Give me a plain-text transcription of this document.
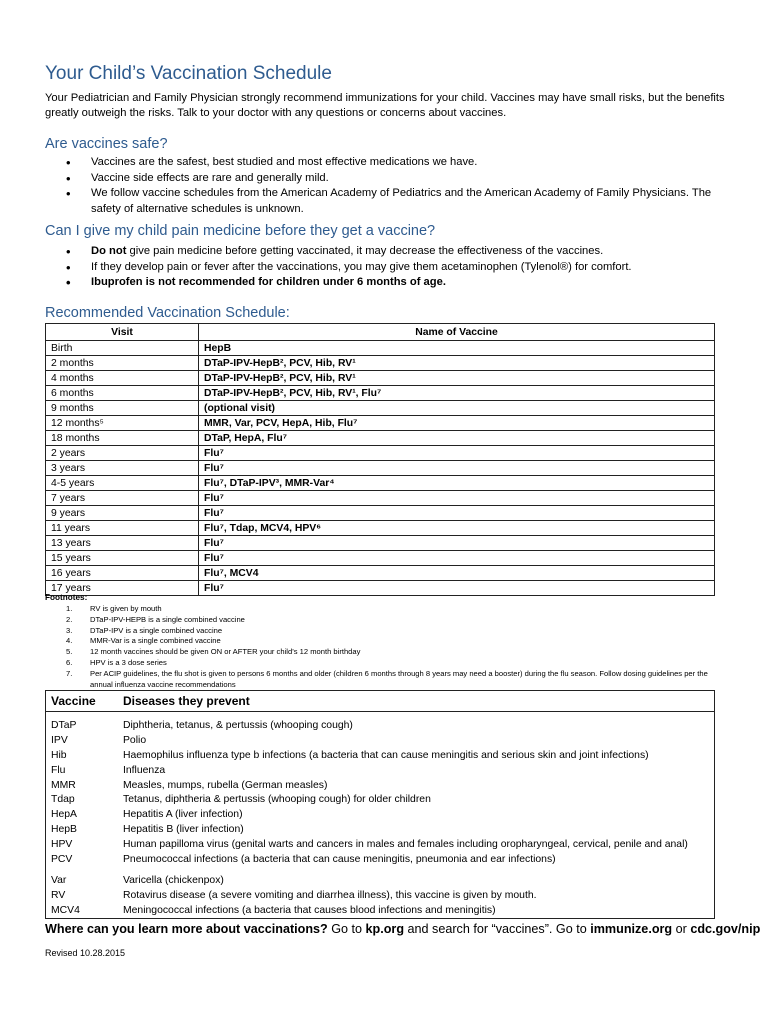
Your Child’s Vaccination Schedule

Your Pediatrician and Family Physician strongly recommend immunizations for your child. Vaccines may have small risks, but the benefits greatly outweigh the risks. Talk to your doctor with any questions or concerns about vaccines.

Are vaccines safe?
• Vaccines are the safest, best studied and most effective medications we have.
• Vaccine side effects are rare and generally mild.
• We follow vaccine schedules from the American Academy of Pediatrics and the American Academy of Family Physicians. The safety of alternative schedules is unknown.
Can I give my child pain medicine before they get a vaccine?
• Do not give pain medicine before getting vaccinated, it may decrease the effectiveness of the vaccines.
• If they develop pain or fever after the vaccinations, you may give them acetaminophen (Tylenol®) for comfort.
• Ibuprofen is not recommended for children under 6 months of age.
Recommended Vaccination Schedule:
Visit	Name of Vaccine
Birth	HepB
2 months	DTaP-IPV-HepB², PCV, Hib, RV¹
4 months	DTaP-IPV-HepB², PCV, Hib, RV¹
6 months	DTaP-IPV-HepB², PCV, Hib, RV¹, Flu⁷
9 months	(optional visit)
12 months⁵	MMR, Var, PCV, HepA, Hib, Flu⁷
18 months	DTaP, HepA, Flu⁷
2 years	Flu⁷
3 years	Flu⁷
4-5 years	Flu⁷, DTaP-IPV³, MMR-Var⁴
7 years	Flu⁷
9 years	Flu⁷
11 years	Flu⁷, Tdap, MCV4, HPV⁶
13 years	Flu⁷
15 years	Flu⁷
16 years	Flu⁷, MCV4
17 years	Flu⁷
Footnotes:
1. RV is given by mouth
2. DTaP-IPV-HEPB is a single combined vaccine
3. DTaP-IPV is a single combined vaccine
4. MMR-Var is a single combined vaccine
5. 12 month vaccines should be given ON or AFTER your child’s 12 month birthday
6. HPV is a 3 dose series
7. Per ACIP guidelines, the flu shot is given to persons 6 months and older (children 6 months through 8 years may need a booster) during the flu season. Follow dosing guidelines per the annual influenza vaccine recommendations
Vaccine	Diseases they prevent

DTaP	Diphtheria, tetanus, & pertussis (whooping cough)
IPV	Polio
Hib	Haemophilus influenza type b infections (a bacteria that can cause meningitis and serious skin and joint infections)
Flu	Influenza
MMR	Measles, mumps, rubella (German measles)
Tdap	Tetanus, diphtheria & pertussis (whooping cough) for older children
HepA	Hepatitis A (liver infection)
HepB	Hepatitis B (liver infection)
HPV	Human papilloma virus (genital warts and cancers in males and females including oropharyngeal, cervical, penile and anal)
PCV	Pneumococcal infections (a bacteria that can cause meningitis, pneumonia and ear infections)

Var	Varicella (chickenpox)
RV	Rotavirus disease (a severe vomiting and diarrhea illness), this vaccine is given by mouth.
MCV4	Meningococcal infections (a bacteria that causes blood infections and meningitis)
Where can you learn more about vaccinations? Go to kp.org and search for “vaccines”. Go to immunize.org or cdc.gov/nip
Revised 10.28.2015
